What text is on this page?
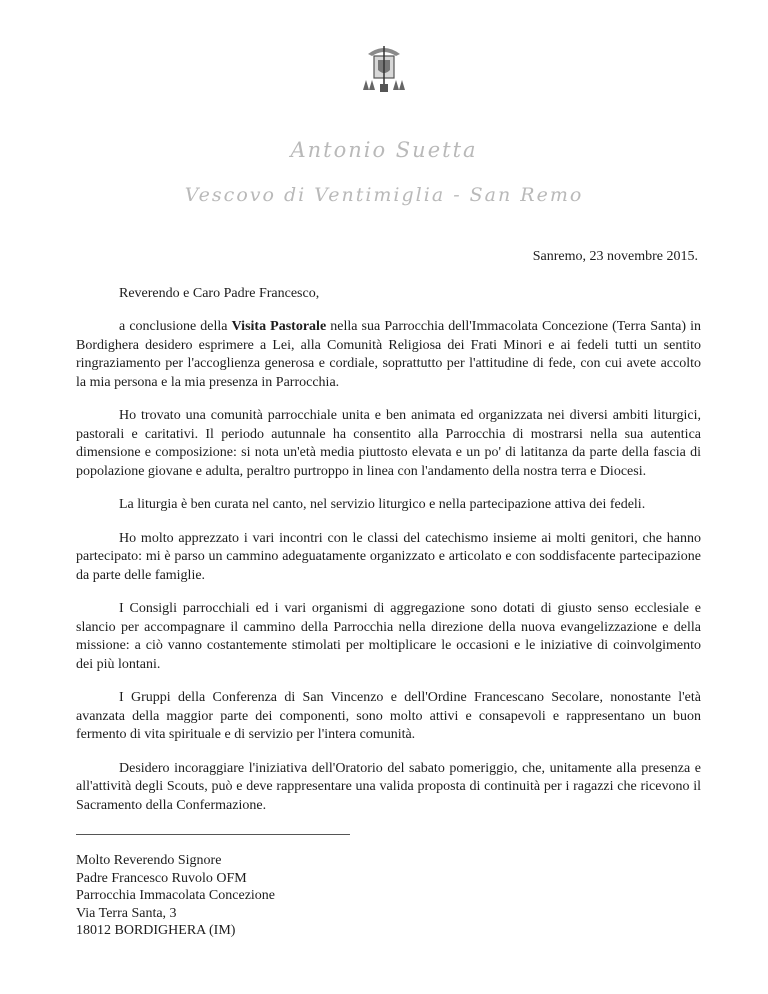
Antonio Suetta
Vescovo di Ventimiglia - San Remo
Sanremo, 23 novembre 2015.
Reverendo e Caro Padre Francesco,

a conclusione della Visita Pastorale nella sua Parrocchia dell'Immacolata Concezione (Terra Santa) in Bordighera desidero esprimere a Lei, alla Comunità Religiosa dei Frati Minori e ai fedeli tutti un sentito ringraziamento per l'accoglienza generosa e cordiale, soprattutto per l'attitudine di fede, con cui avete accolto la mia persona e la mia presenza in Parrocchia.

Ho trovato una comunità parrocchiale unita e ben animata ed organizzata nei diversi ambiti liturgici, pastorali e caritativi. Il periodo autunnale ha consentito alla Parrocchia di mostrarsi nella sua autentica dimensione e composizione: si nota un'età media piuttosto elevata e un po' di latitanza da parte della fascia di popolazione giovane e adulta, peraltro purtroppo in linea con l'andamento della nostra terra e Diocesi.

La liturgia è ben curata nel canto, nel servizio liturgico e nella partecipazione attiva dei fedeli.

Ho molto apprezzato i vari incontri con le classi del catechismo insieme ai molti genitori, che hanno partecipato: mi è parso un cammino adeguatamente organizzato e articolato e con soddisfacente partecipazione da parte delle famiglie.

I Consigli parrocchiali ed i vari organismi di aggregazione sono dotati di giusto senso ecclesiale e slancio per accompagnare il cammino della Parrocchia nella direzione della nuova evangelizzazione e della missione: a ciò vanno costantemente stimolati per moltiplicare le occasioni e le iniziative di coinvolgimento dei più lontani.

I Gruppi della Conferenza di San Vincenzo e dell'Ordine Francescano Secolare, nonostante l'età avanzata della maggior parte dei componenti, sono molto attivi e consapevoli e rappresentano un buon fermento di vita spirituale e di servizio per l'intera comunità.

Desidero incoraggiare l'iniziativa dell'Oratorio del sabato pomeriggio, che, unitamente alla presenza e all'attività degli Scouts, può e deve rappresentare una valida proposta di continuità per i ragazzi che ricevono il Sacramento della Confermazione.

Molto Reverendo Signore
Padre Francesco Ruvolo OFM
Parrocchia Immacolata Concezione
Via Terra Santa, 3
18012 BORDIGHERA (IM)
